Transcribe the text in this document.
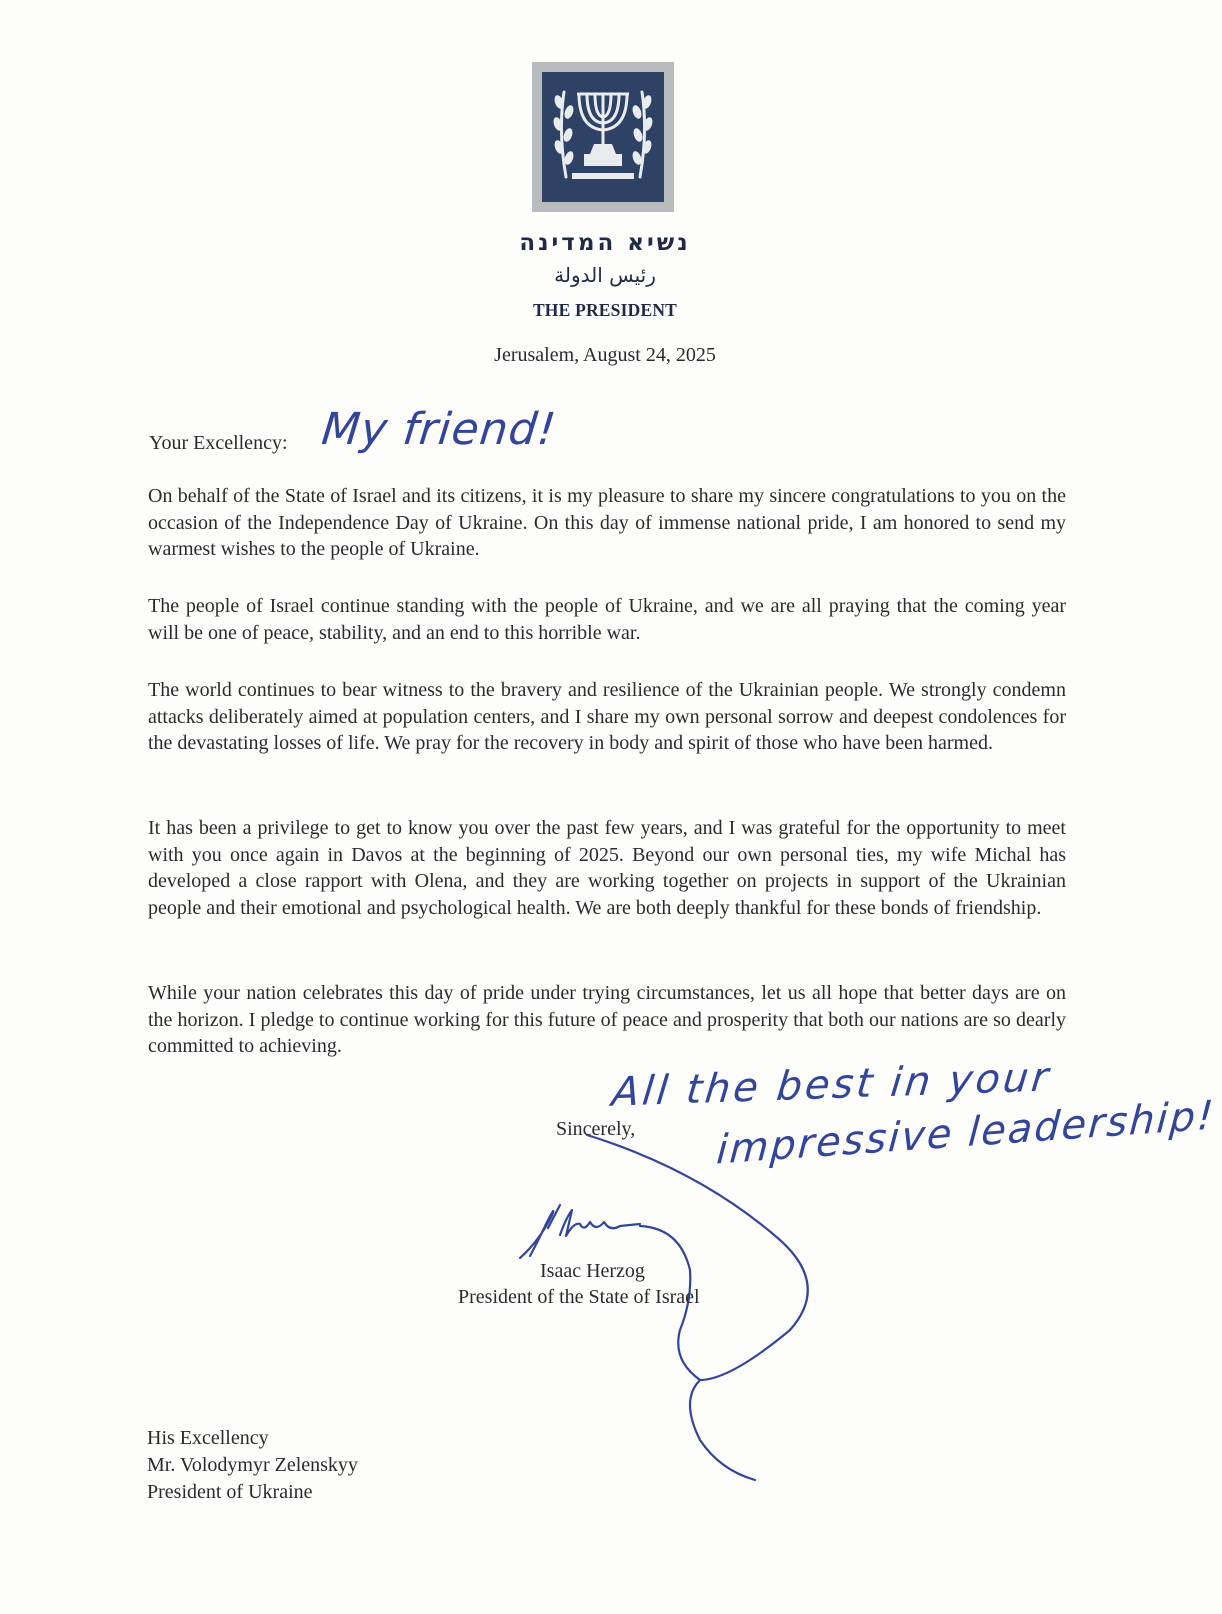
נשיא המדינה
رئيس الدولة
THE PRESIDENT
Jerusalem, August 24, 2025
Your Excellency: My friend!
On behalf of the State of Israel and its citizens, it is my pleasure to share my sincere congratulations to you on the occasion of the Independence Day of Ukraine. On this day of immense national pride, I am honored to send my warmest wishes to the people of Ukraine.
The people of Israel continue standing with the people of Ukraine, and we are all praying that the coming year will be one of peace, stability, and an end to this horrible war.
The world continues to bear witness to the bravery and resilience of the Ukrainian people. We strongly condemn attacks deliberately aimed at population centers, and I share my own personal sorrow and deepest condolences for the devastating losses of life. We pray for the recovery in body and spirit of those who have been harmed.
It has been a privilege to get to know you over the past few years, and I was grateful for the opportunity to meet with you once again in Davos at the beginning of 2025. Beyond our own personal ties, my wife Michal has developed a close rapport with Olena, and they are working together on projects in support of the Ukrainian people and their emotional and psychological health. We are both deeply thankful for these bonds of friendship.
While your nation celebrates this day of pride under trying circumstances, let us all hope that better days are on the horizon. I pledge to continue working for this future of peace and prosperity that both our nations are so dearly committed to achieving.
All the best in your
impressive leadership!
Sincerely,
Isaac Herzog
President of the State of Israel
His Excellency
Mr. Volodymyr Zelenskyy
President of Ukraine
